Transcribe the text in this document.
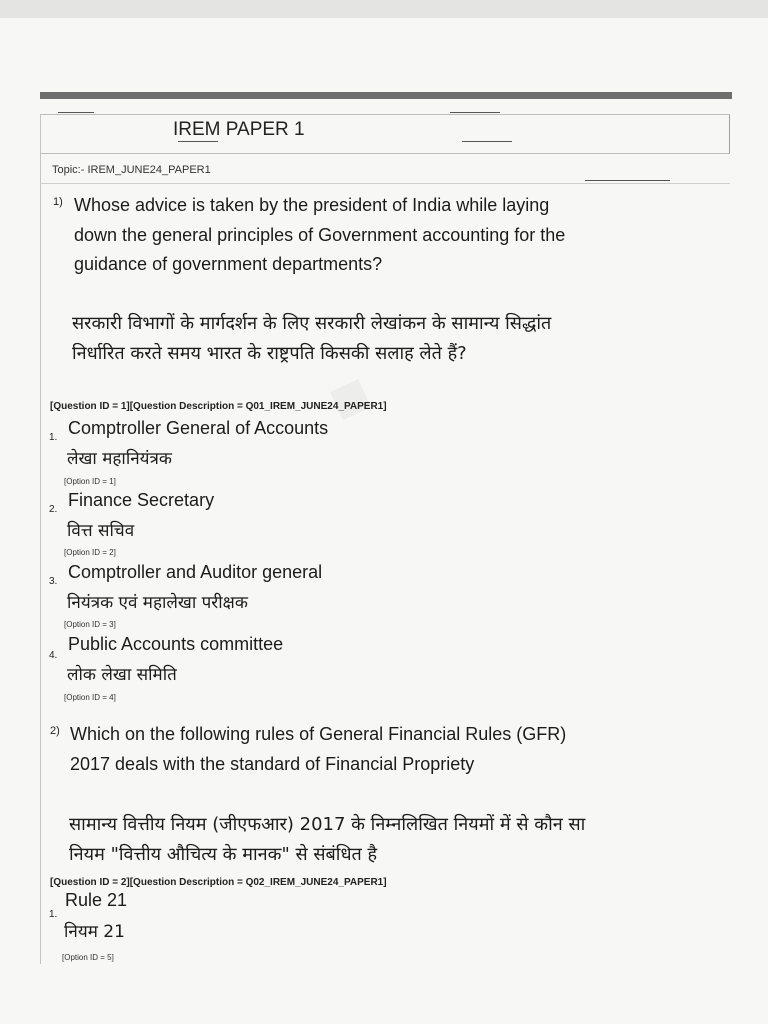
IREM PAPER 1
Topic:- IREM_JUNE24_PAPER1
■
1) Whose advice is taken by the president of India while laying down the general principles of Government accounting for the guidance of government departments?
सरकारी विभागों के मार्गदर्शन के लिए सरकारी लेखांकन के सामान्य सिद्धांत निर्धारित करते समय भारत के राष्ट्रपति किसकी सलाह लेते हैं?
[Question ID = 1][Question Description = Q01_IREM_JUNE24_PAPER1]
1. Comptroller General of Accounts
लेखा महानियंत्रक
[Option ID = 1]
2. Finance Secretary
वित्त सचिव
[Option ID = 2]
3. Comptroller and Auditor general
नियंत्रक एवं महालेखा परीक्षक
[Option ID = 3]
4.
Public Accounts committee
लोक लेखा समिति
[Option ID = 4]
2) Which on the following rules of General Financial Rules (GFR) 2017 deals with the standard of Financial Propriety
सामान्य वित्तीय नियम (जीएफआर) 2017 के निम्नलिखित नियमों में से कौन सा नियम "वित्तीय औचित्य के मानक" से संबंधित है
[Question ID = 2][Question Description = Q02_IREM_JUNE24_PAPER1]
1.
Rule 21
नियम 21
[Option ID = 5]
